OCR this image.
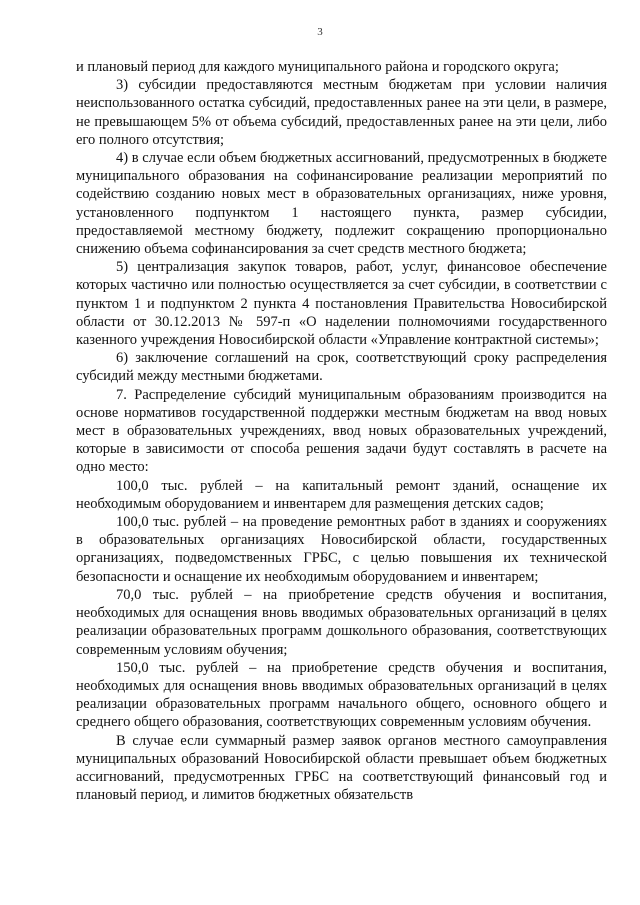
3

и плановый период для каждого муниципального района и городского округа;

3) субсидии предоставляются местным бюджетам при условии наличия неиспользованного остатка субсидий, предоставленных ранее на эти цели, в размере, не превышающем 5% от объема субсидий, предоставленных ранее на эти цели, либо его полного отсутствия;

4) в случае если объем бюджетных ассигнований, предусмотренных в бюджете муниципального образования на софинансирование реализации мероприятий по содействию созданию новых мест в образовательных организациях, ниже уровня, установленного подпунктом 1 настоящего пункта, размер субсидии, предоставляемой местному бюджету, подлежит сокращению пропорционально снижению объема софинансирования за счет средств местного бюджета;

5) централизация закупок товаров, работ, услуг, финансовое обеспечение которых частично или полностью осуществляется за счет субсидии, в соответствии с пунктом 1 и подпунктом 2 пункта 4 постановления Правительства Новосибирской области от 30.12.2013 № 597-п «О наделении полномочиями государственного казенного учреждения Новосибирской области «Управление контрактной системы»;

6) заключение соглашений на срок, соответствующий сроку распределения субсидий между местными бюджетами.

7. Распределение субсидий муниципальным образованиям производится на основе нормативов государственной поддержки местным бюджетам на ввод новых мест в образовательных учреждениях, ввод новых образовательных учреждений, которые в зависимости от способа решения задачи будут составлять в расчете на одно место:

100,0 тыс. рублей – на капитальный ремонт зданий, оснащение их необходимым оборудованием и инвентарем для размещения детских садов;

100,0 тыс. рублей – на проведение ремонтных работ в зданиях и сооружениях в образовательных организациях Новосибирской области, государственных организациях, подведомственных ГРБС, с целью повышения их технической безопасности и оснащение их необходимым оборудованием и инвентарем;

70,0 тыс. рублей – на приобретение средств обучения и воспитания, необходимых для оснащения вновь вводимых образовательных организаций в целях реализации образовательных программ дошкольного образования, соответствующих современным условиям обучения;

150,0 тыс. рублей – на приобретение средств обучения и воспитания, необходимых для оснащения вновь вводимых образовательных организаций в целях реализации образовательных программ начального общего, основного общего и среднего общего образования, соответствующих современным условиям обучения.

В случае если суммарный размер заявок органов местного самоуправления муниципальных образований Новосибирской области превышает объем бюджетных ассигнований, предусмотренных ГРБС на соответствующий финансовый год и плановый период, и лимитов бюджетных обязательств
